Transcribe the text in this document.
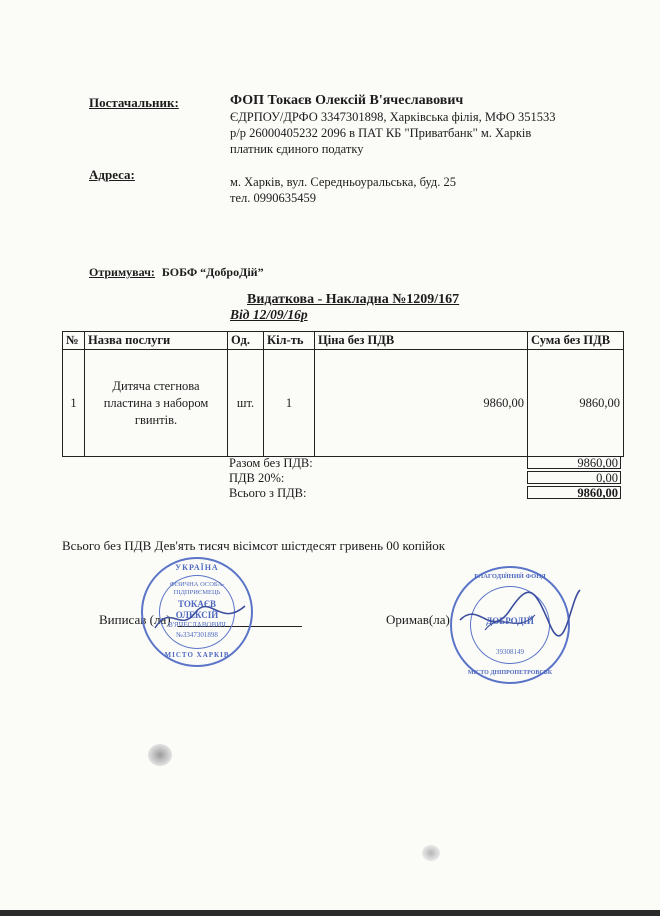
Постачальник:	ФОП Токаєв Олексій В'ячеславович
ЄДРПОУ/ДРФО 3347301898, Харківська філія, МФО 351533
р/р 26000405232 2096 в ПАТ КБ "Приватбанк" м. Харків
платник єдиного податку
Адреса:	м. Харків, вул. Середньоуральська, буд. 25
тел. 0990635459
Отримувач: БОБФ “ДоброДій”
Видаткова - Накладна №1209/167
Від 12/09/16р
№	Назва послуги	Од.	Кіл-ть	Ціна без ПДВ	Сума без ПДВ
1	Дитяча стегнова пластина з набором гвинтів.	шт.	1	9860,00	9860,00
Разом без ПДВ:	9860,00
ПДВ 20%:	0,00
Всього з ПДВ:	9860,00
Всього без ПДВ Дев'ять тисяч вісімсот шістдесят гривень 00 копійок
Виписав (ла)	Оримав(ла)
УКРАЇНА
ФІЗИЧНА ОСОБА-
ПІДПРИЄМЕЦЬ
ТОКАЄВ
ОЛЕКСІЙ
В'ЯЧЕСЛАВОВИЧ
№3347301898
МІСТО ХАРКІВ
БЛАГОДІЙНИЙ ФОНД
ДОБРОДІЙ
39308149
МІСТО ДНІПРОПЕТРОВСЬК
